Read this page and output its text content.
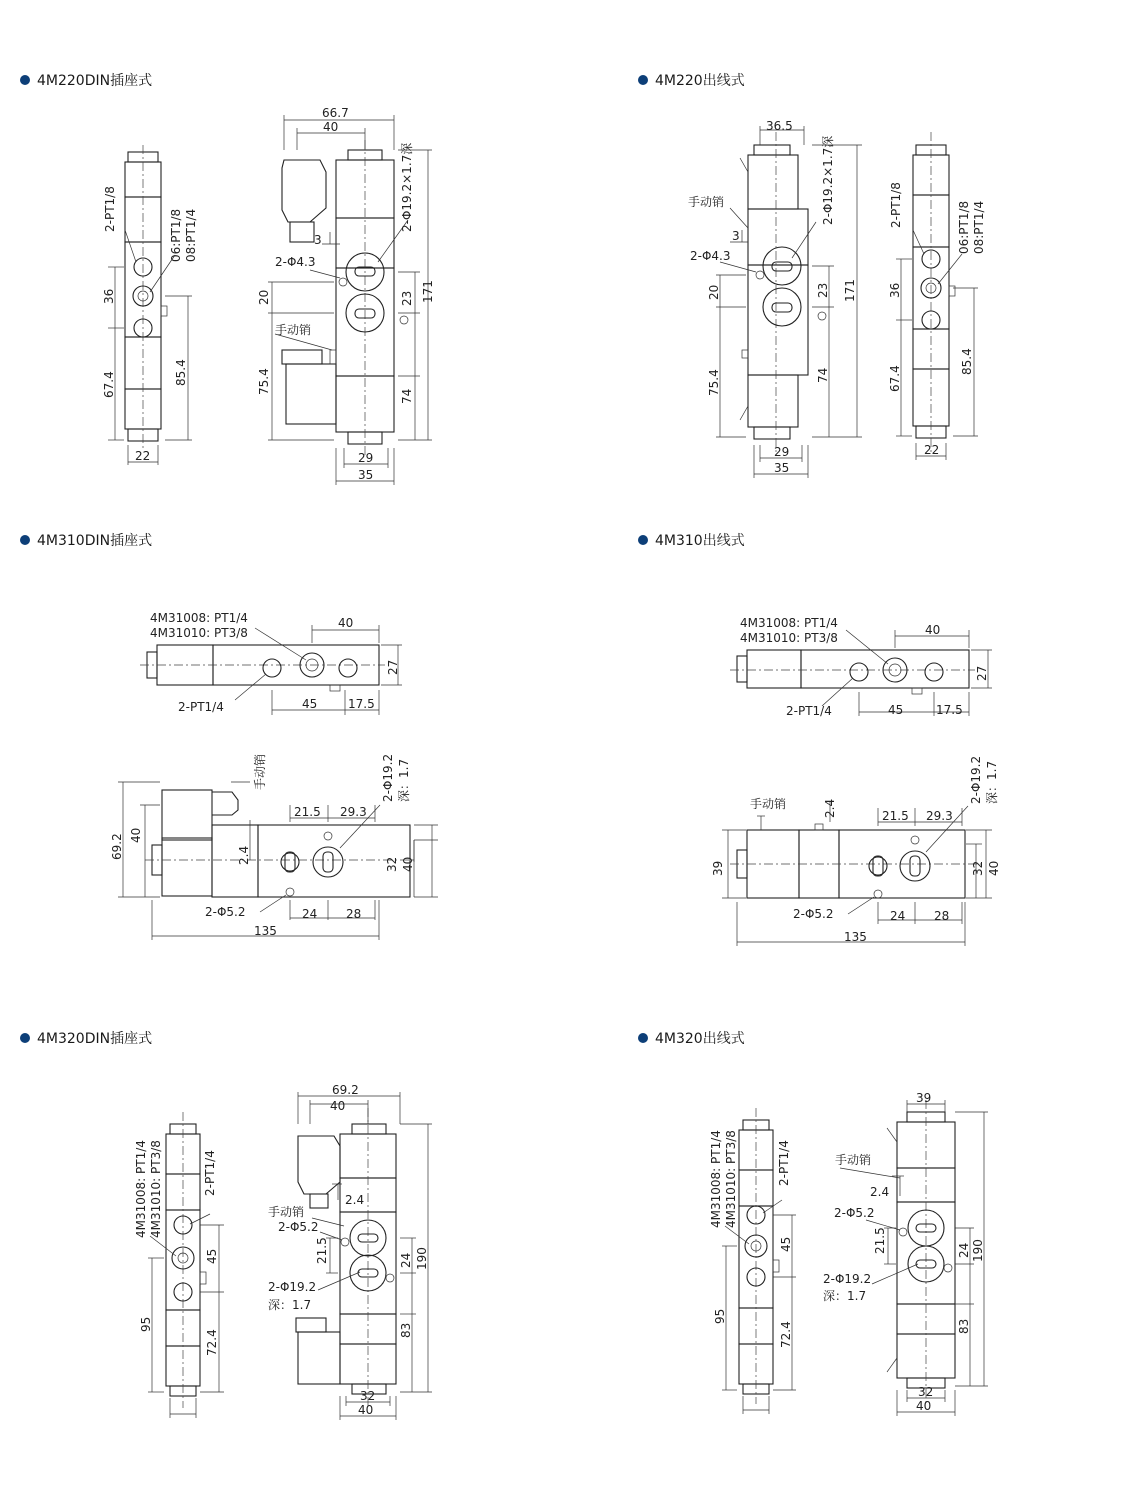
4M220DIN插座式
2-PT1/8	06:PT1/8 08:PT1/4
36
67.4	85.4
22
66.7
40
2-Φ19.2×1.7深
3
2-Φ4.3
20	23 171
手动销
75.4
74
29
35
4M220出线式
36.5
2-Φ19.2×1.7深
手动销
3
2-Φ4.3
20	23 171
75.4	74
29
35
2-PT1/8	06:PT1/8 08:PT1/4
36
67.4
85.4
22
4M310DIN插座式
4M31008: PT1/4
4M31010: PT3/8
40
27
2-PT1/4	45	17.5
手动销	2-Φ19.2 深：1.7
21.5 29.3
69.2 40
2.4	32 40
2-Φ5.2	24 28
135
4M310出线式
4M31008: PT1/4
4M31010: PT3/8
40
27
2-PT1/4	45	17.5
2-Φ19.2 深：1.7
手动销	2.4	21.5 29.3
39	32 40
2-Φ5.2	24 28
135
4M320DIN插座式
4M31008: PT1/4 4M31010: PT3/8	2-PT1/4
45
95
72.4
69.2
40
2.4
手动销
2-Φ5.2
21.5	24 190
2-Φ19.2
深：1.7
83
32
40
4M320出线式
4M31008: PT1/4 4M31010: PT3/8	2-PT1/4
45
95
72.4
39
手动销
2.4
2-Φ5.2
21.5	24 190
2-Φ19.2
深：1.7
83
32
40
